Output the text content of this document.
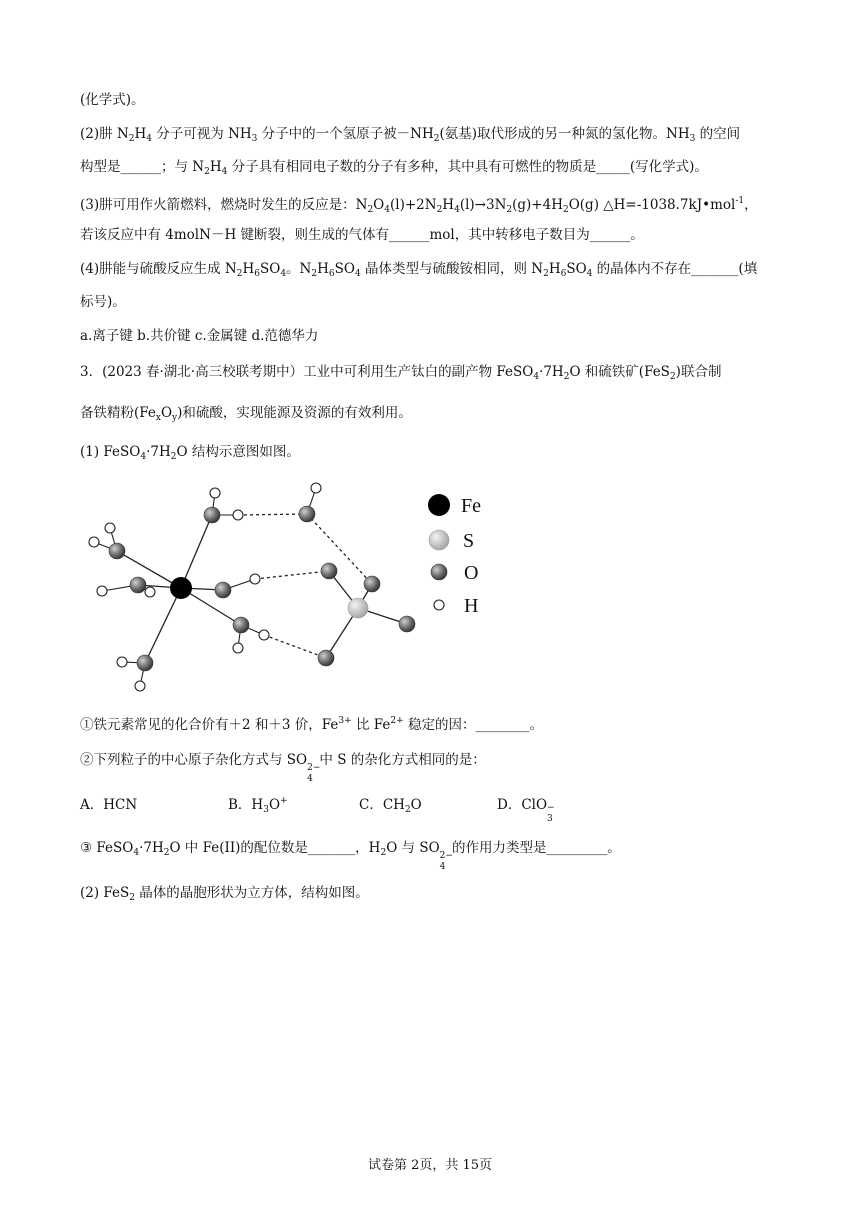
(化学式)。
(2)肼 $N_2H_4$ 分子可视为 $NH_3$ 分子中的一个氢原子被$-NH_2$(氨基)取代形成的另一种氮的氢化物。$NH_3$ 的空间
构型是______；与 $N_2H_4$ 分子具有相同电子数的分子有多种，其中具有可燃性的物质是_____(写化学式)。
(3)肼可用作火箭燃料，燃烧时发生的反应是：$N_2O_4(l)+2N_2H_4(l)\to 3N_2(g)+4H_2O(g)$ △H=-1038.7kJ•mol$^{-1}$，
若该反应中有 4molN－H 键断裂，则生成的气体有______mol，其中转移电子数目为______。
(4)肼能与硫酸反应生成 $N_2H_6SO_4$。$N_2H_6SO_4$ 晶体类型与硫酸铵相同，则 $N_2H_6SO_4$ 的晶体内不存在_______(填
标号)。
a.离子键 b.共价键 c.金属键 d.范德华力
3．(2023 春·湖北·高三校联考期中）工业中可利用生产钛白的副产物 $FeSO_4\cdot 7H_2O$ 和硫铁矿(FeS$_2$)联合制
备铁精粉$(Fe_xO_y)$和硫酸，实现能源及资源的有效利用。
(1) $FeSO_4\cdot 7H_2O$ 结构示意图如图。
Fe
S
O
H
①铁元素常见的化合价有＋2 和＋3 价，$Fe^{3+}$ 比 $Fe^{2+}$ 稳定的因：________。
②下列粒子的中心原子杂化方式与 SO 2−
4
中 S 的杂化方式相同的是：
A．HCN	B．$H_3O^+$	C．$CH_2O$	D．ClO −
3
③ $FeSO_4\cdot 7H_2O$ 中 Fe(II)的配位数是_______，$H_2O$ 与 SO 2−
4
的作用力类型是_________。
(2) FeS$_2$ 晶体的晶胞形状为立方体，结构如图。
试卷第 2页，共 15页
